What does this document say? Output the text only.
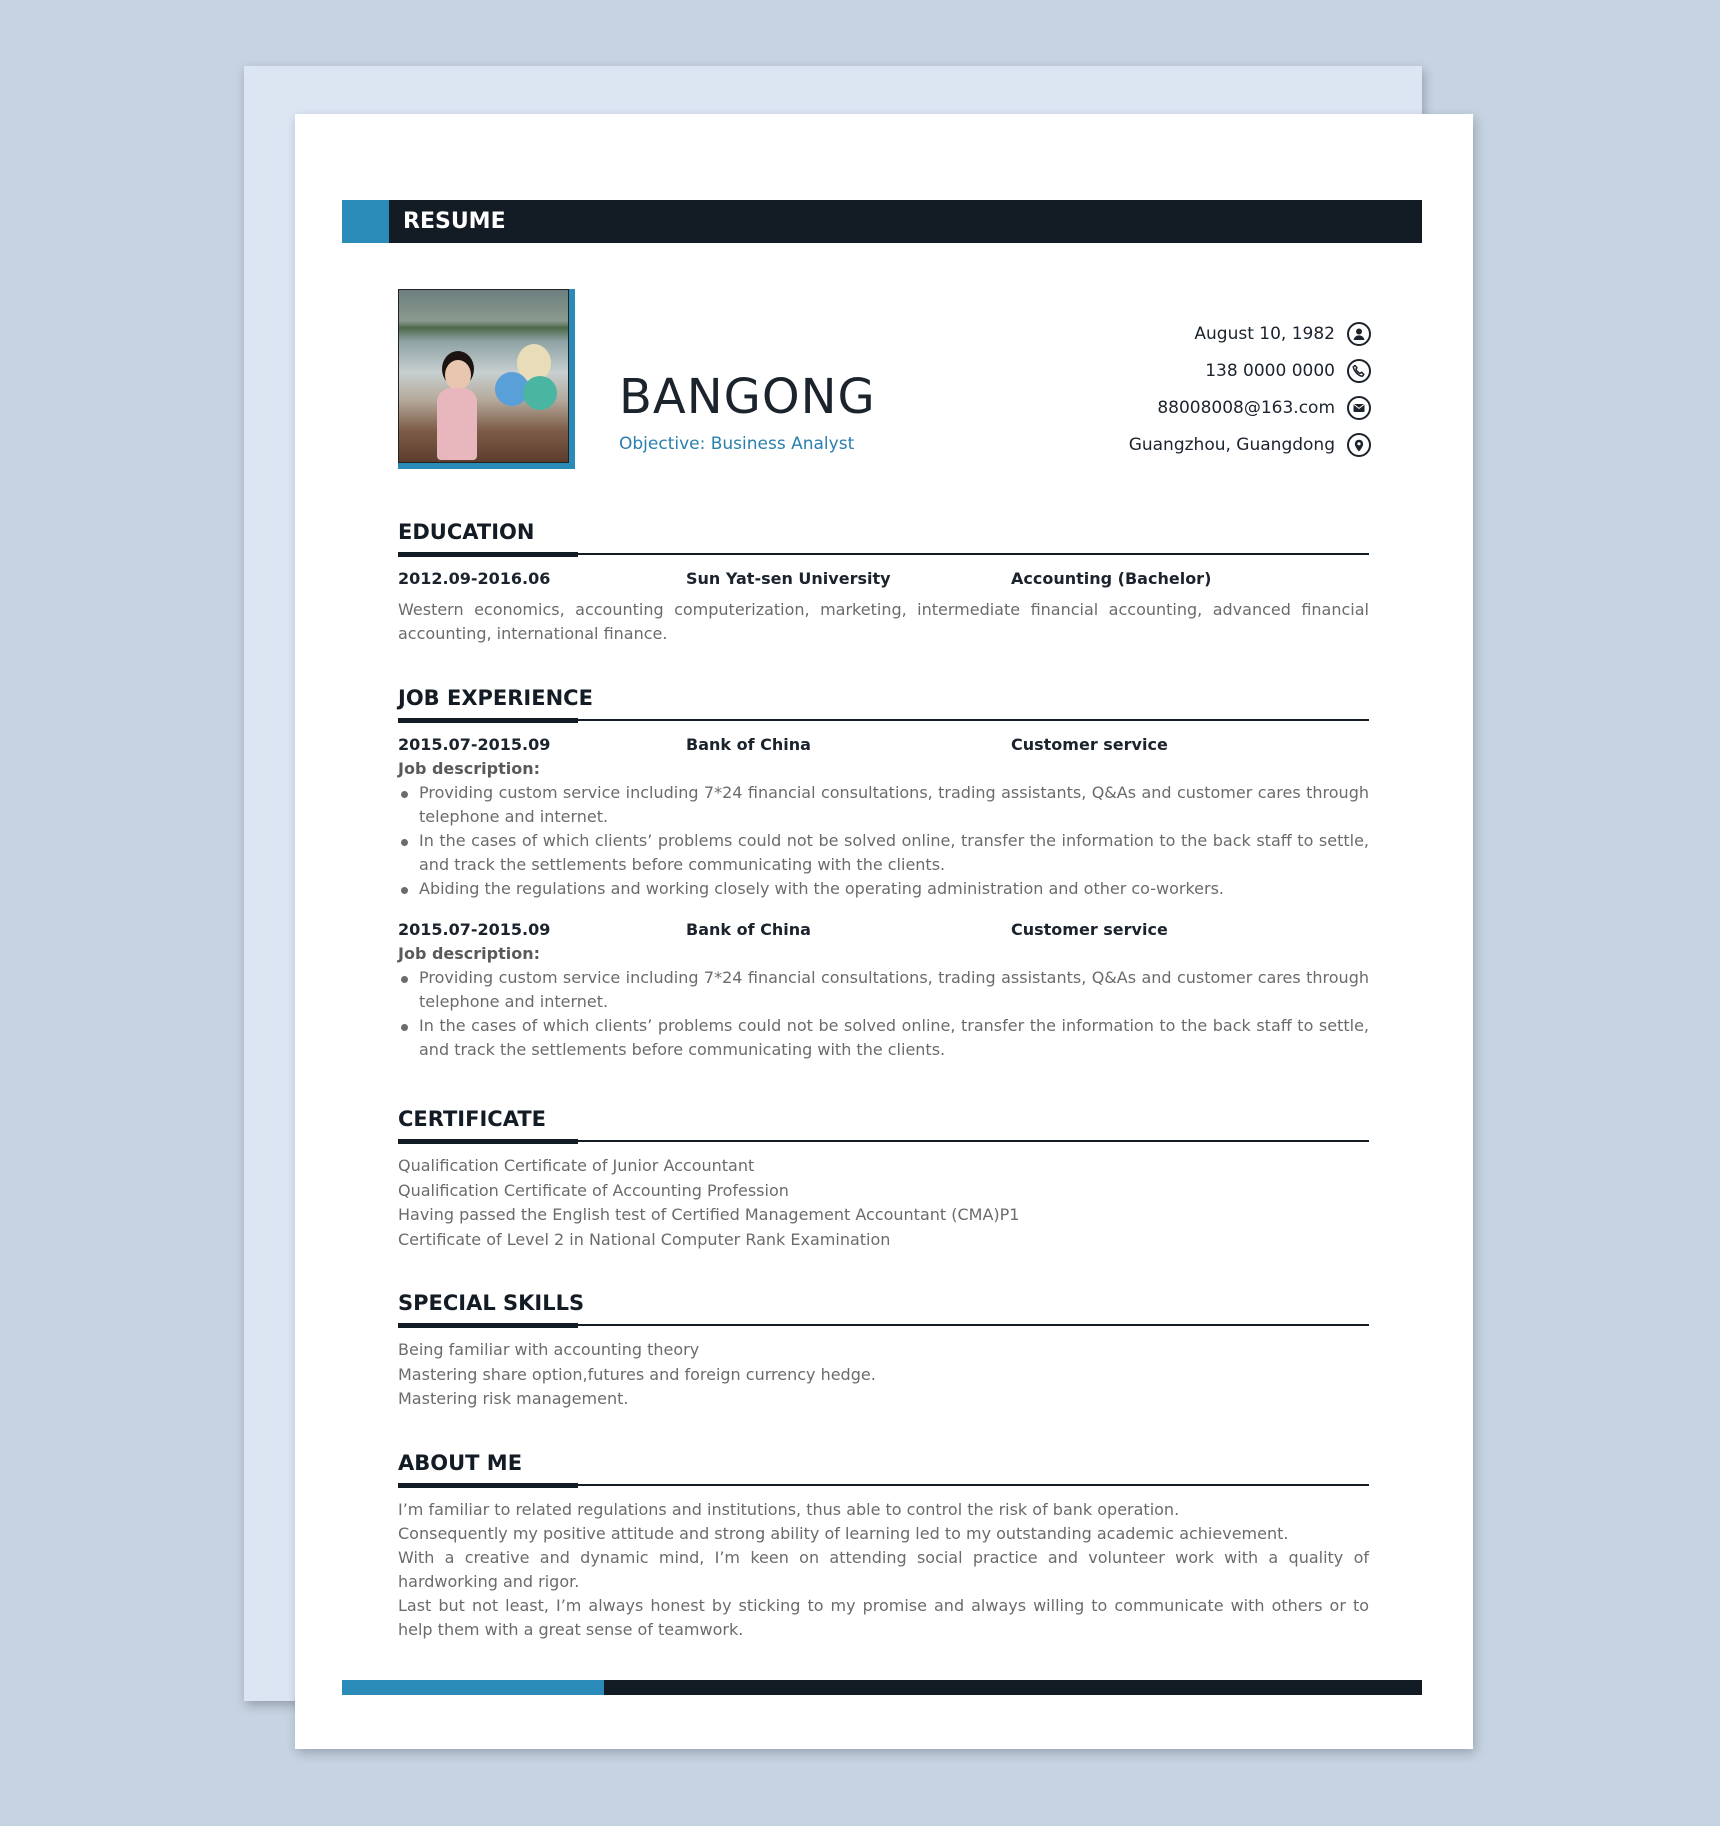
RESUME
BANGONG
Objective: Business Analyst
August 10, 1982
138 0000 0000
88008008@163.com
Guangzhou, Guangdong
EDUCATION
2012.09-2016.06	Sun Yat-sen University	Accounting (Bachelor)
Western economics, accounting computerization, marketing, intermediate financial accounting, advanced financial accounting, international finance.
JOB EXPERIENCE
2015.07-2015.09	Bank of China	Customer service
Job description:
Providing custom service including 7*24 financial consultations, trading assistants, Q&As and customer cares through telephone and internet.
In the cases of which clients’ problems could not be solved online, transfer the information to the back staff to settle, and track the settlements before communicating with the clients.
Abiding the regulations and working closely with the operating administration and other co-workers.
2015.07-2015.09	Bank of China	Customer service
Job description:
Providing custom service including 7*24 financial consultations, trading assistants, Q&As and customer cares through telephone and internet.
In the cases of which clients’ problems could not be solved online, transfer the information to the back staff to settle, and track the settlements before communicating with the clients.
CERTIFICATE
Qualification Certificate of Junior Accountant
Qualification Certificate of Accounting Profession
Having passed the English test of Certified Management Accountant (CMA)P1
Certificate of Level 2 in National Computer Rank Examination
SPECIAL SKILLS
Being familiar with accounting theory
Mastering share option,futures and foreign currency hedge.
Mastering risk management.
ABOUT ME
I’m familiar to related regulations and institutions, thus able to control the risk of bank operation.
Consequently my positive attitude and strong ability of learning led to my outstanding academic achievement.
With a creative and dynamic mind, I’m keen on attending social practice and volunteer work with a quality of hardworking and rigor.
Last but not least, I’m always honest by sticking to my promise and always willing to communicate with others or to help them with a great sense of teamwork.
